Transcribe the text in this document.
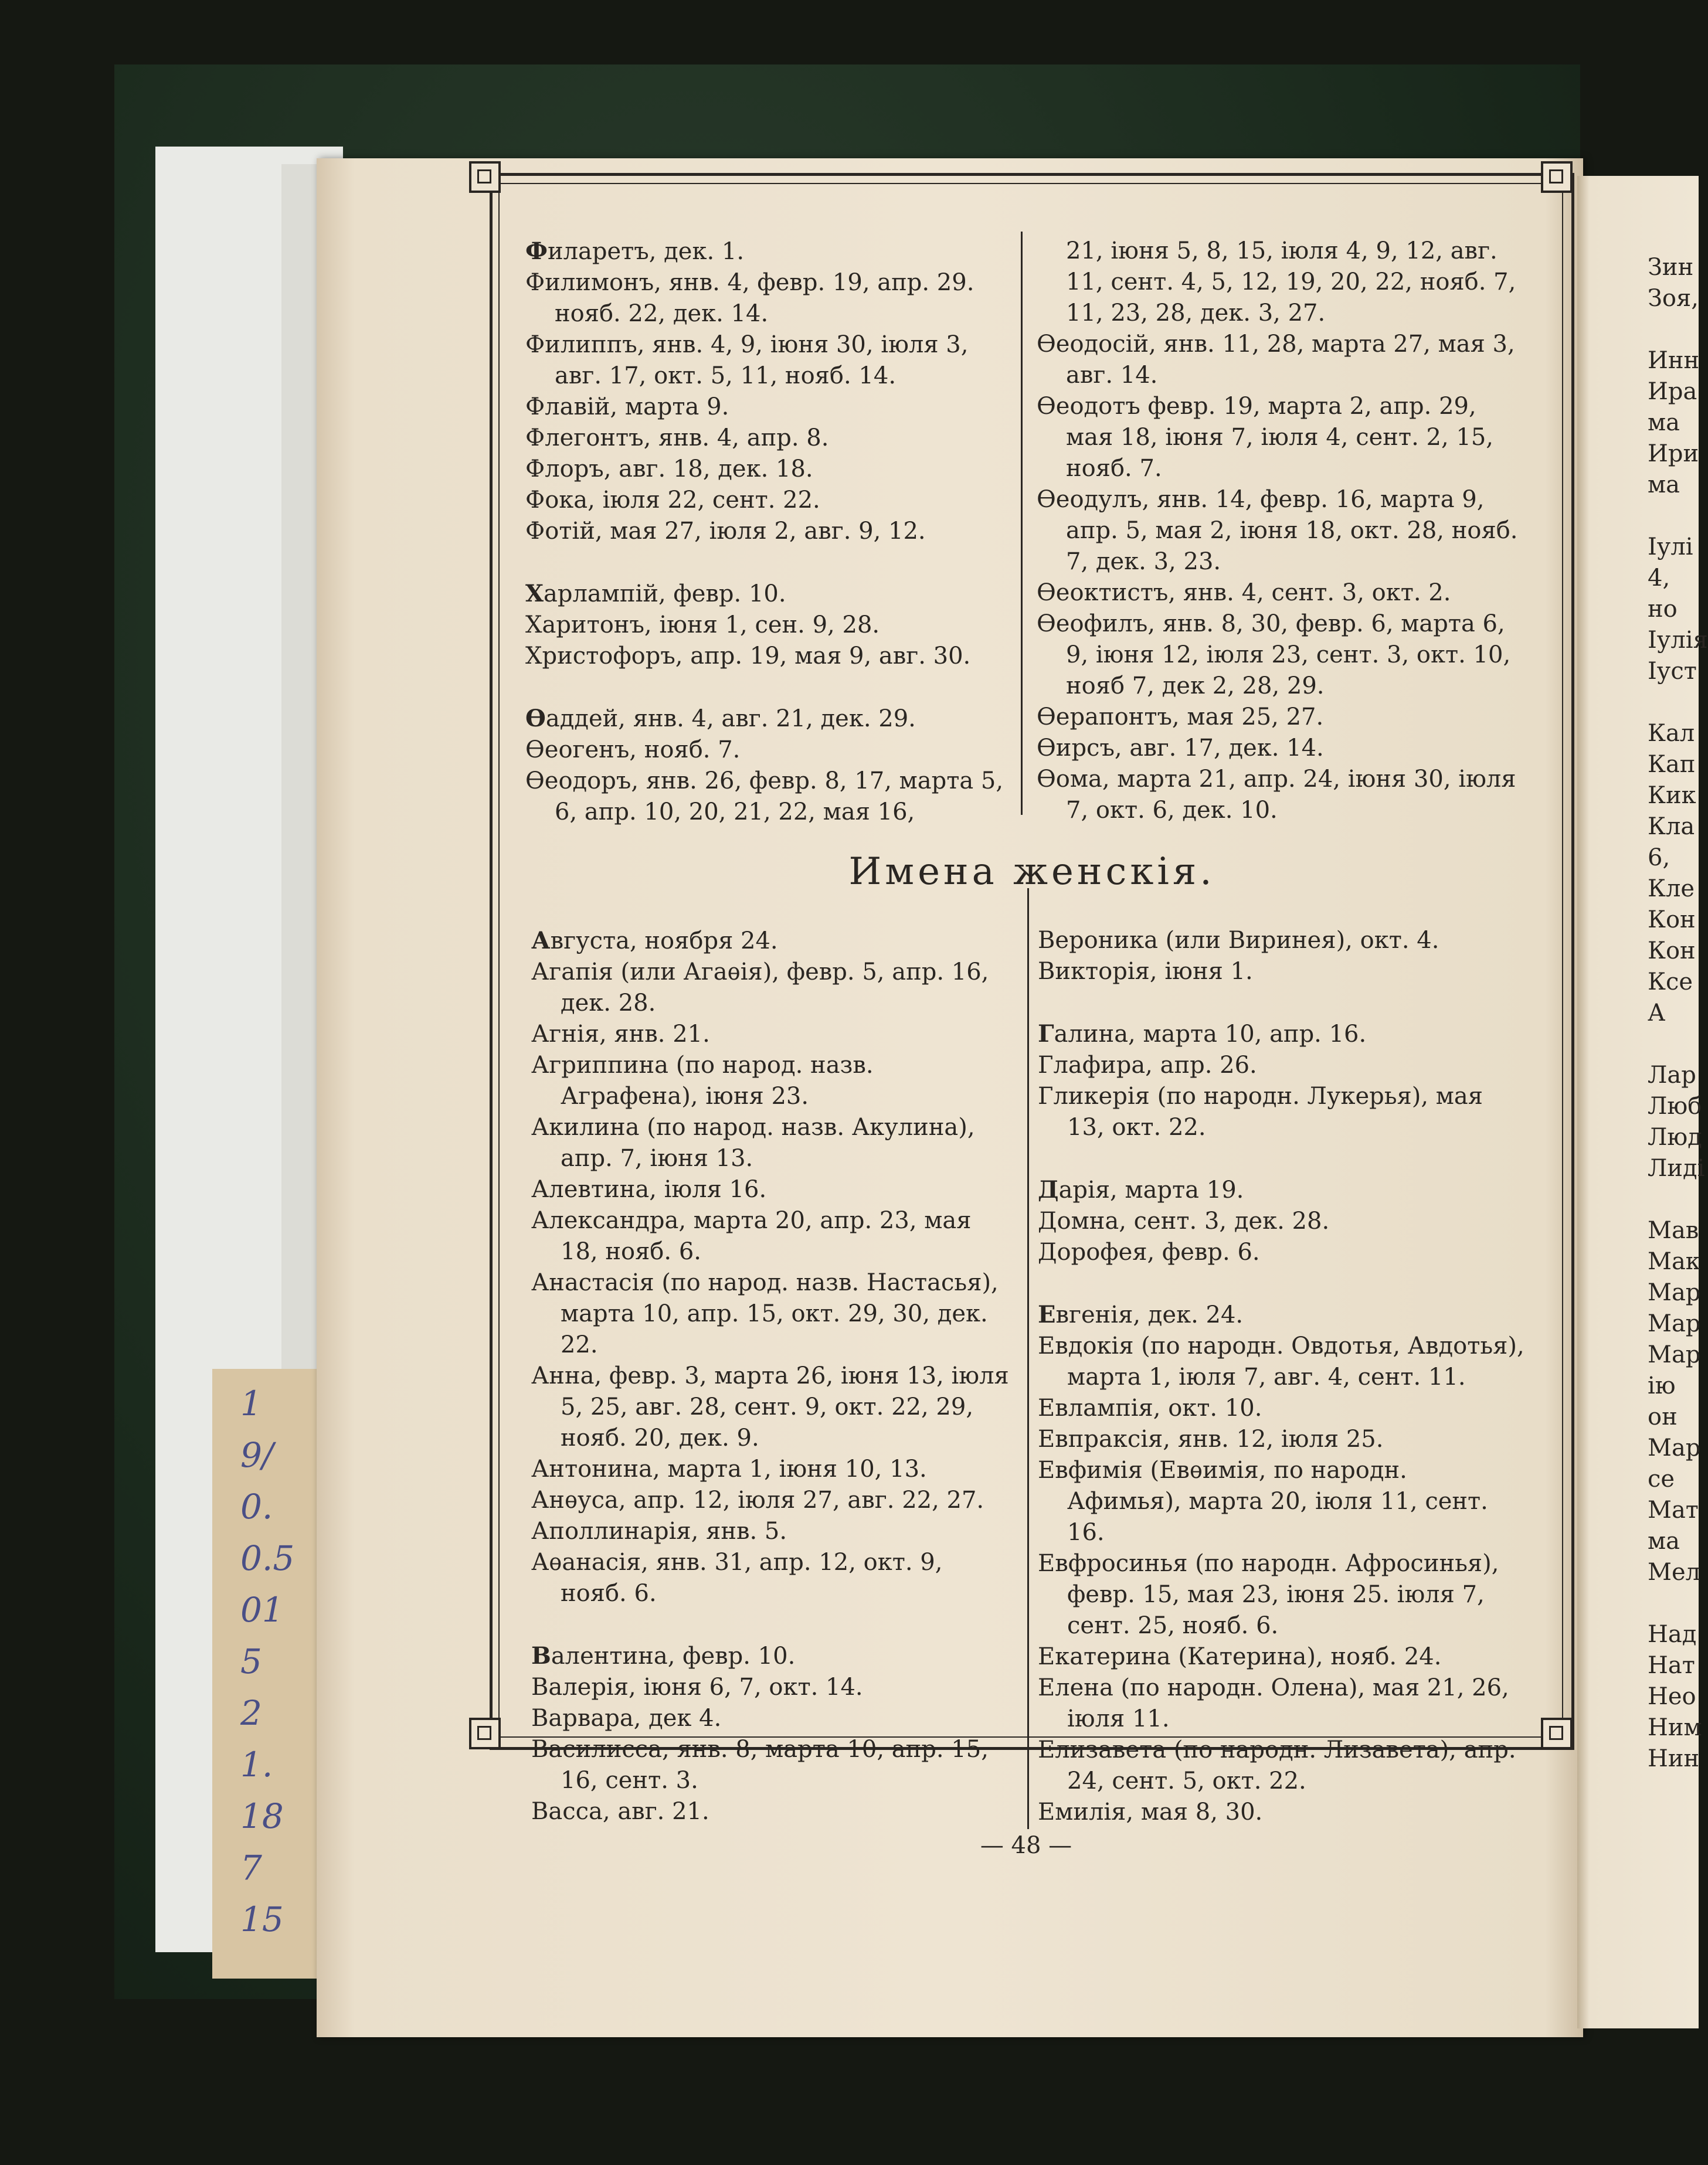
1
9/
0.
0.5
01
5
2
1.
18
7
15

Филаретъ, дек. 1.

Филимонъ, янв. 4, февр. 19, апр. 29. нояб. 22, дек. 14.

Филиппъ, янв. 4, 9, іюня 30, іюля 3, авг. 17, окт. 5, 11, нояб. 14.

Флавій, марта 9.

Флегонтъ, янв. 4, апр. 8.

Флоръ, авг. 18, дек. 18.

Фока, іюля 22, сент. 22.

Фотій, мая 27, іюля 2, авг. 9, 12.

Харлампій, февр. 10.

Харитонъ, іюня 1, сен. 9, 28.

Христофоръ, апр. 19, мая 9, авг. 30.

Ѳаддей, янв. 4, авг. 21, дек. 29.

Ѳеогенъ, нояб. 7.

Ѳеодоръ, янв. 26, февр. 8, 17, марта 5, 6, апр. 10, 20, 21, 22, мая 16,

21, іюня 5, 8, 15, іюля 4, 9, 12, авг. 11, сент. 4, 5, 12, 19, 20, 22, нояб. 7, 11, 23, 28, дек. 3, 27.

Ѳеодосій, янв. 11, 28, марта 27, мая 3, авг. 14.

Ѳеодотъ февр. 19, марта 2, апр. 29, мая 18, іюня 7, іюля 4, сент. 2, 15, нояб. 7.

Ѳеодулъ, янв. 14, февр. 16, марта 9, апр. 5, мая 2, іюня 18, окт. 28, нояб. 7, дек. 3, 23.

Ѳеоктистъ, янв. 4, сент. 3, окт. 2.

Ѳеофилъ, янв. 8, 30, февр. 6, марта 6, 9, іюня 12, іюля 23, сент. 3, окт. 10, нояб 7, дек 2, 28, 29.

Ѳерапонтъ, мая 25, 27.

Ѳирсъ, авг. 17, дек. 14.

Ѳома, марта 21, апр. 24, іюня 30, іюля 7, окт. 6, дек. 10.

Имена женскія.

Августа, ноября 24.

Агапія (или Агаѳія), февр. 5, апр. 16, дек. 28.

Агнія, янв. 21.

Агриппина (по народ. назв. Аграфена), іюня 23.

Акилина (по народ. назв. Акулина), апр. 7, іюня 13.

Алевтина, іюля 16.

Александра, марта 20, апр. 23, мая 18, нояб. 6.

Анастасія (по народ. назв. Настасья), марта 10, апр. 15, окт. 29, 30, дек. 22.

Анна, февр. 3, марта 26, іюня 13, іюля 5, 25, авг. 28, сент. 9, окт. 22, 29, нояб. 20, дек. 9.

Антонина, марта 1, іюня 10, 13.

Анѳуса, апр. 12, іюля 27, авг. 22, 27.

Аполлинарія, янв. 5.

Аѳанасія, янв. 31, апр. 12, окт. 9, нояб. 6.

Валентина, февр. 10.

Валерія, іюня 6, 7, окт. 14.

Варвара, дек 4.

Василисса, янв. 8, марта 10, апр. 15, 16, сент. 3.

Васса, авг. 21.

Вероника (или Виринея), окт. 4.

Викторія, іюня 1.

Галина, марта 10, апр. 16.

Глафира, апр. 26.

Гликерія (по народн. Лукерья), мая 13, окт. 22.

Дарія, марта 19.

Домна, сент. 3, дек. 28.

Дорофея, февр. 6.

Евгенія, дек. 24.

Евдокія (по народн. Овдотья, Авдотья), марта 1, іюля 7, авг. 4, сент. 11.

Евлампія, окт. 10.

Евпраксія, янв. 12, іюля 25.

Евфимія (Евѳимія, по народн. Афимья), марта 20, іюля 11, сент. 16.

Евфросинья (по народн. Афросинья), февр. 15, мая 23, іюня 25. іюля 7, сент. 25, нояб. 6.

Екатерина (Катерина), нояб. 24.

Елена (по народн. Олена), мая 21, 26, іюля 11.

Елизавета (по народн. Лизавета), апр. 24, сент. 5, окт. 22.

Емилія, мая 8, 30.

— 48 —
Зин
Зоя,
Инн
Ира
ма
Ири
ма
Іулі
4,
но
Іулія
Іуст
Кал
Кап
Кик
Кла
6,
Кле
Кон
Кон
Ксе
А
Лар
Люб
Люд
Лиді
Мав
Мак
Мар
Мар
Мар
ію
он
Мар
се
Мат
ма
Мел
Над
Нат
Нео
Ним
Нин
